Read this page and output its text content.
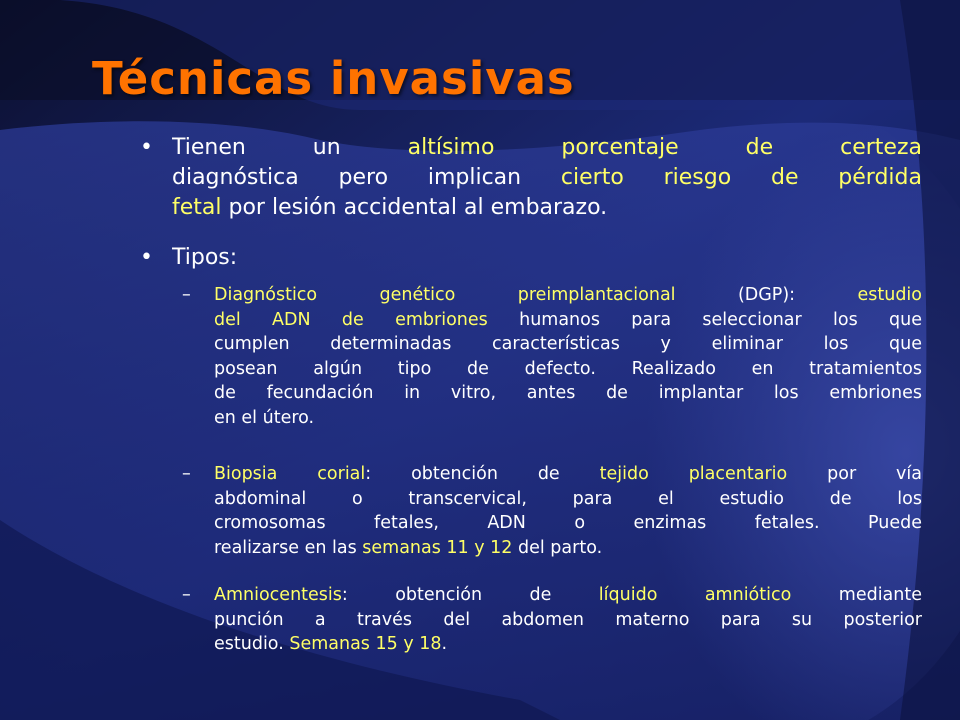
Técnicas invasivas
• Tienen un altísimo porcentaje de certeza
diagnóstica pero implican cierto riesgo de pérdida
fetal por lesión accidental al embarazo.
• Tipos:
– Diagnóstico genético preimplantacional (DGP): estudio
del ADN de embriones humanos para seleccionar los que
cumplen determinadas características y eliminar los que
posean algún tipo de defecto. Realizado en tratamientos
de fecundación in vitro, antes de implantar los embriones
en el útero.
– Biopsia corial: obtención de tejido placentario por vía
abdominal o transcervical, para el estudio de los
cromosomas fetales, ADN o enzimas fetales. Puede
realizarse en las semanas 11 y 12 del parto.
– Amniocentesis: obtención de líquido amniótico mediante
punción a través del abdomen materno para su posterior
estudio. Semanas 15 y 18.
